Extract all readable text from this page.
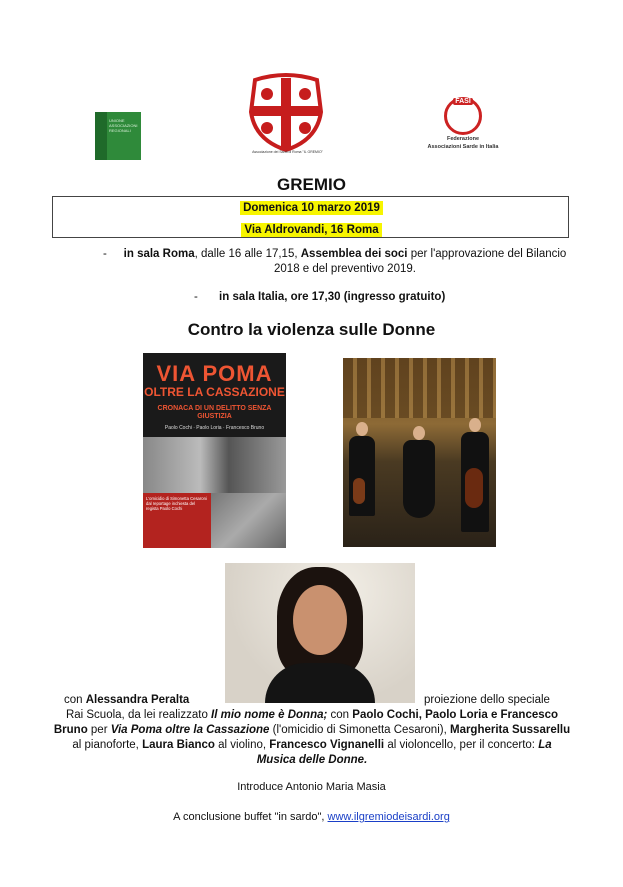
UNIONE ASSOCIAZIONI REGIONALI
Associazione dei Sardi di Roma "IL GREMIO"
FASI
Federazione
Associazioni Sarde in Italia
GREMIO
Domenica 10 marzo 2019
Via Aldrovandi, 16 Roma
-	in sala Roma, dalle 16 alle 17,15, Assemblea dei soci per l'approvazione del Bilancio 2018 e del preventivo 2019.
- in sala Italia, ore 17,30 (ingresso gratuito)
Contro la violenza sulle Donne
VIA POMA
OLTRE LA CASSAZIONE
CRONACA DI UN DELITTO SENZA GIUSTIZIA
Paolo Cochi · Paolo Loria · Francesco Bruno
L'omicidio di Simonetta Cesaroni dal reportage inchiesta del regista Paolo Cochi
con Alessandra Peralta	proiezione dello speciale
Rai Scuola, da lei realizzato Il mio nome è Donna; con Paolo Cochi, Paolo Loria e Francesco Bruno per Via Poma oltre la Cassazione (l'omicidio di Simonetta Cesaroni), Margherita Sussarellu al pianoforte, Laura Bianco al violino, Francesco Vignanelli al violoncello, per il concerto: La Musica delle Donne.
Introduce Antonio Maria Masia
A conclusione buffet "in sardo", www.ilgremiodeisardi.org
